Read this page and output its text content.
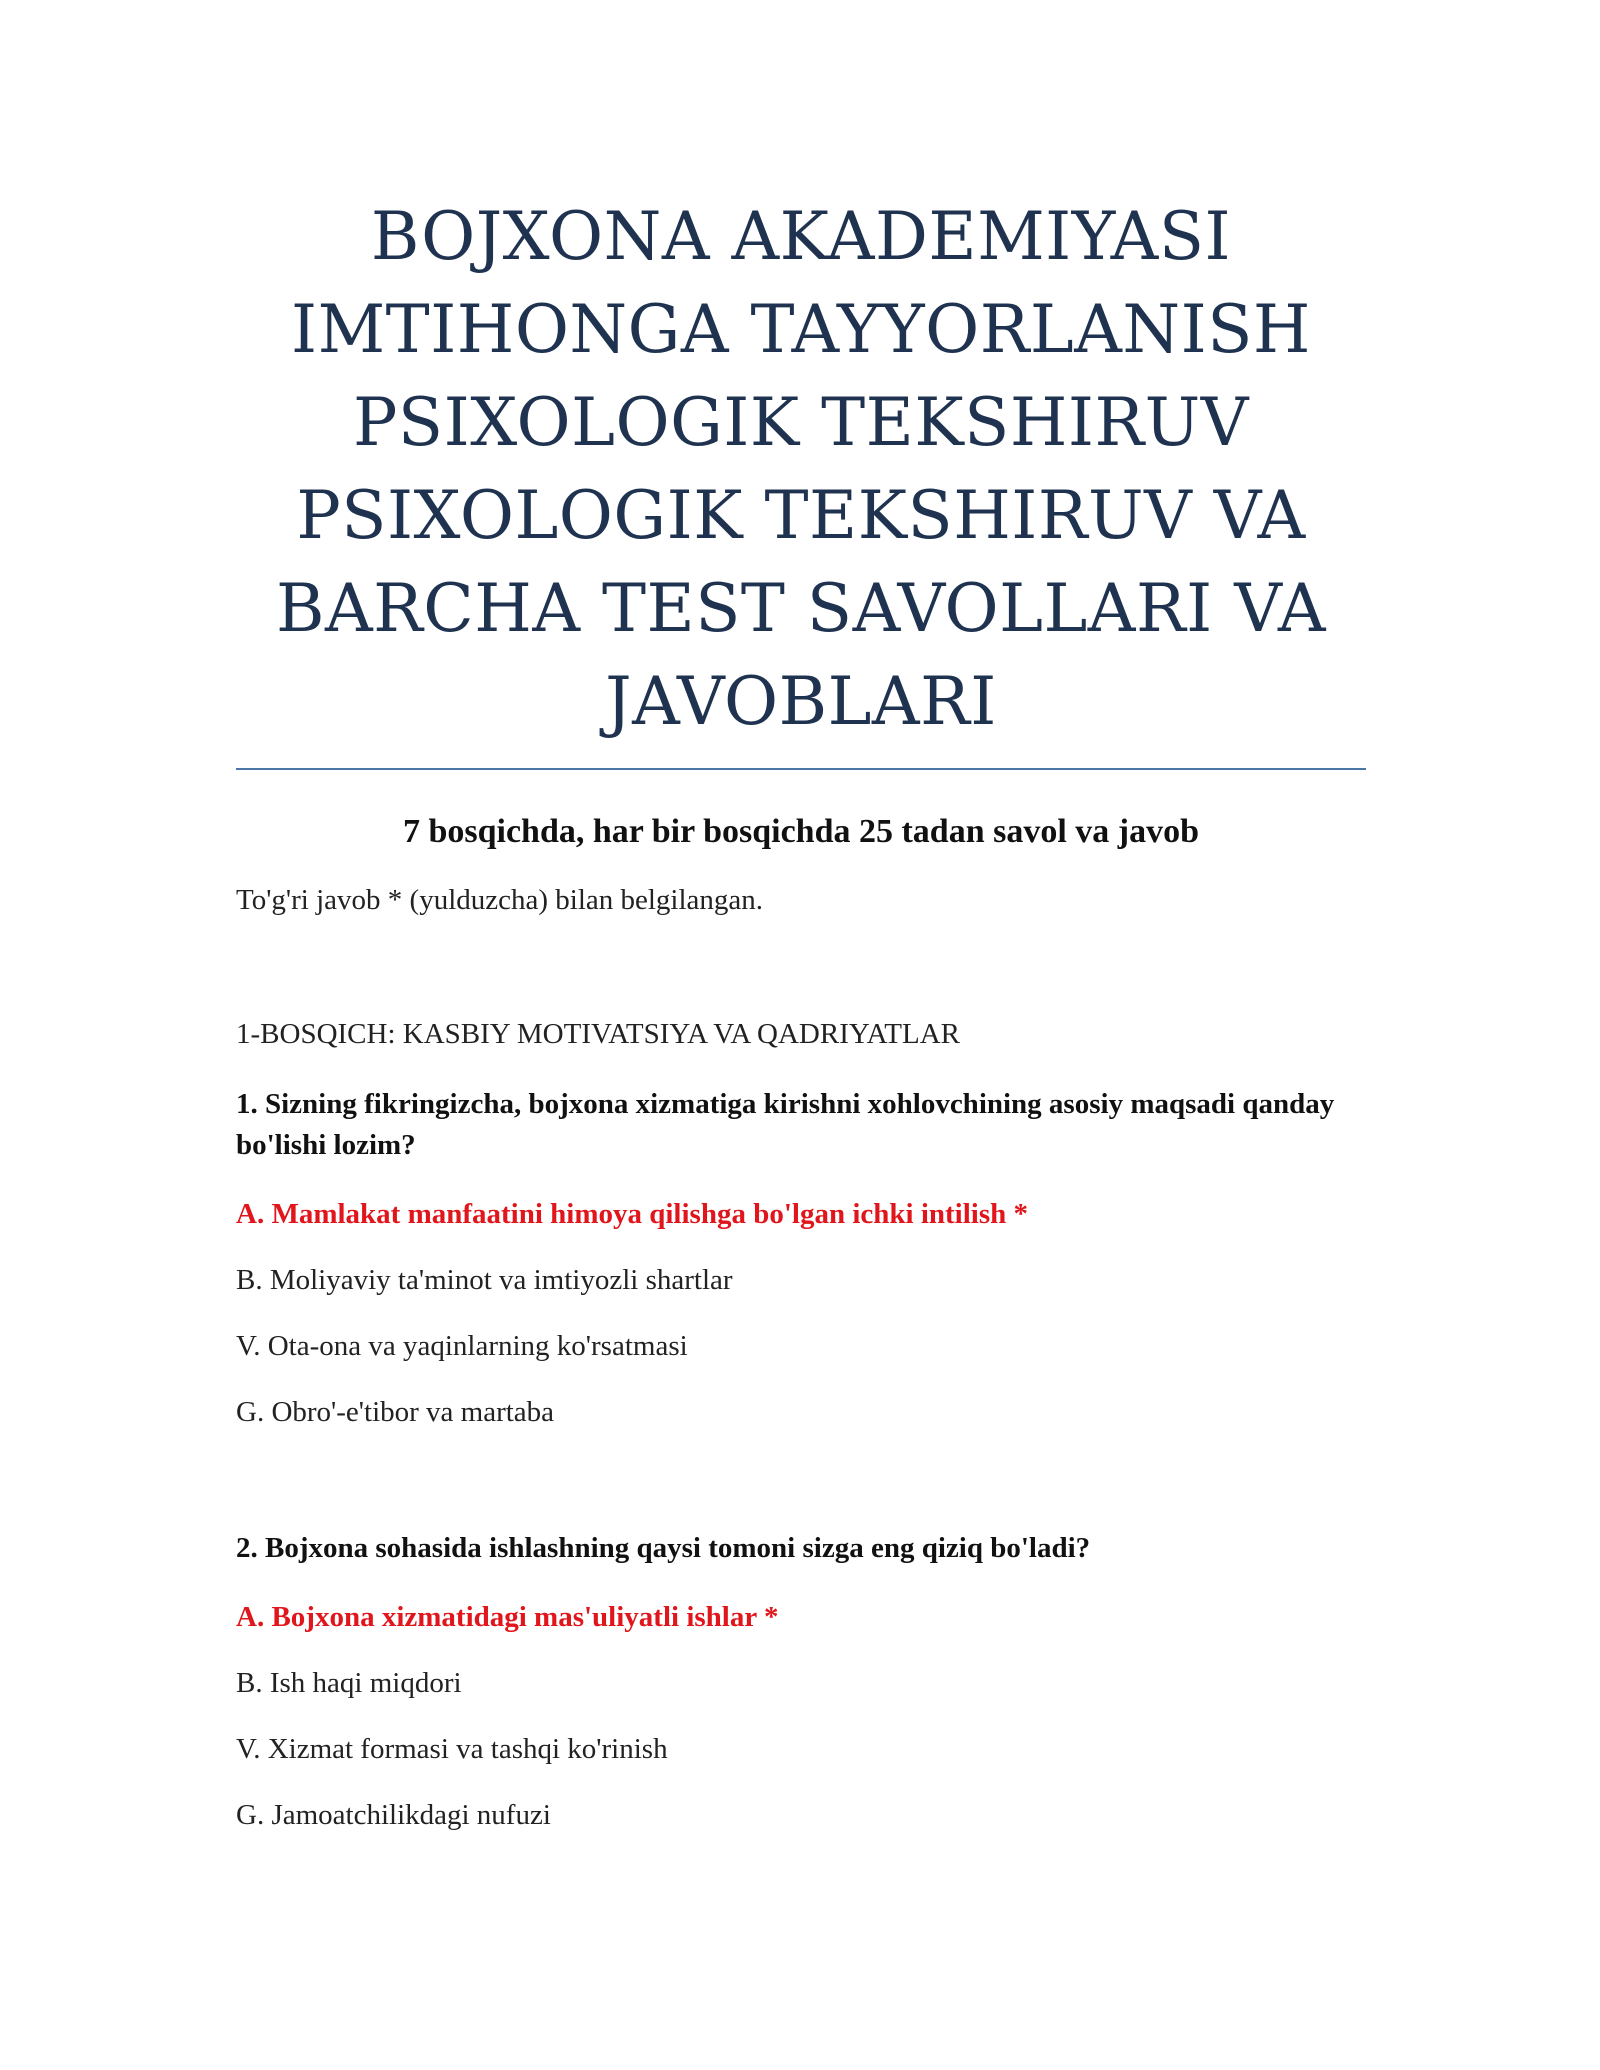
BOJXONA AKADEMIYASI
IMTIHONGA TAYYORLANISH
PSIXOLOGIK TEKSHIRUV
PSIXOLOGIK TEKSHIRUV VA
BARCHA TEST SAVOLLARI VA
JAVOBLARI

7 bosqichda, har bir bosqichda 25 tadan savol va javob

To'g'ri javob * (yulduzcha) bilan belgilangan.

1-BOSQICH: KASBIY MOTIVATSIYA VA QADRIYATLAR

1. Sizning fikringizcha, bojxona xizmatiga kirishni xohlovchining asosiy maqsadi qanday bo'lishi lozim?

A. Mamlakat manfaatini himoya qilishga bo'lgan ichki intilish *

B. Moliyaviy ta'minot va imtiyozli shartlar

V. Ota-ona va yaqinlarning ko'rsatmasi

G. Obro'-e'tibor va martaba

2. Bojxona sohasida ishlashning qaysi tomoni sizga eng qiziq bo'ladi?

A. Bojxona xizmatidagi mas'uliyatli ishlar *

B. Ish haqi miqdori

V. Xizmat formasi va tashqi ko'rinish

G. Jamoatchilikdagi nufuzi
